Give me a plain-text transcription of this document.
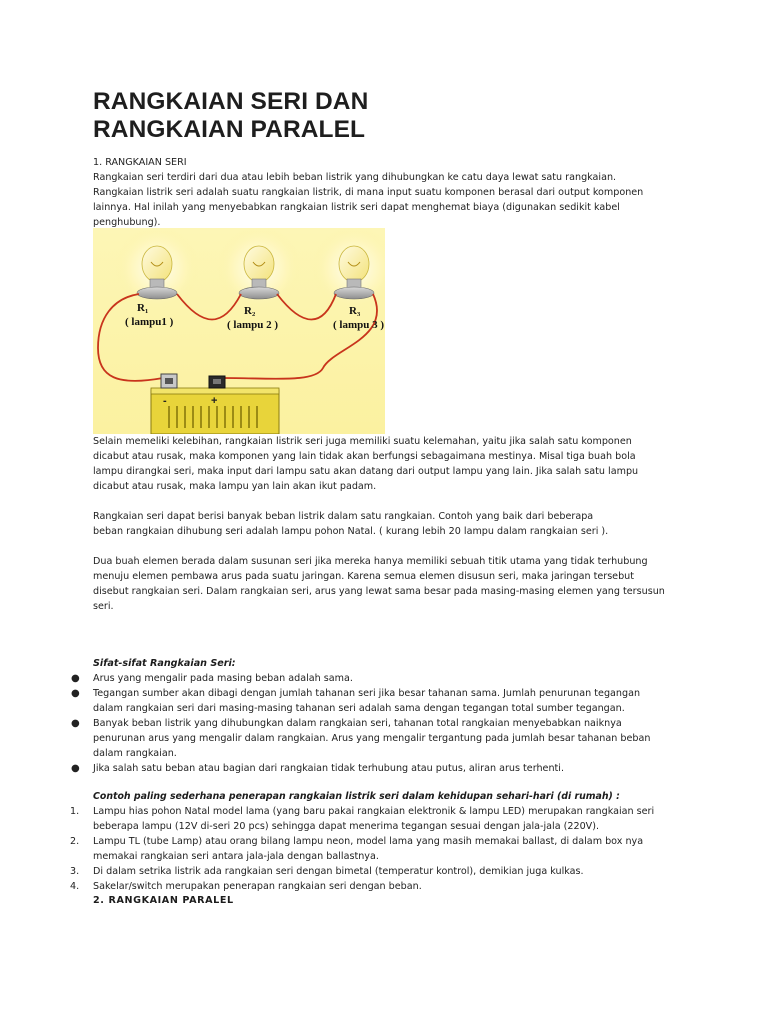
RANGKAIAN SERI DAN
RANGKAIAN PARALEL

1. RANGKAIAN SERI
Rangkaian seri terdiri dari dua atau lebih beban listrik yang dihubungkan ke catu daya lewat satu rangkaian.
Rangkaian listrik seri adalah suatu rangkaian listrik, di mana input suatu komponen berasal dari output komponen
lainnya. Hal inilah yang menyebabkan rangkaian listrik seri dapat menghemat biaya (digunakan sedikit kabel
penghubung).

R₁
( lampu1 )
R₂
( lampu 2 )
R₃
( lampu 3 )
-	+

Selain memeliki kelebihan, rangkaian listrik seri juga memiliki suatu kelemahan, yaitu jika salah satu komponen
dicabut atau rusak, maka komponen yang lain tidak akan berfungsi sebagaimana mestinya. Misal tiga buah bola
lampu dirangkai seri, maka input dari lampu satu akan datang dari output lampu yang lain. Jika salah satu lampu
dicabut atau rusak, maka lampu yan lain akan ikut padam.

Rangkaian seri dapat berisi banyak beban listrik dalam satu rangkaian. Contoh yang baik dari beberapa
beban rangkaian dihubung seri adalah lampu pohon Natal. ( kurang lebih 20 lampu dalam rangkaian seri ).

Dua buah elemen berada dalam susunan seri jika mereka hanya memiliki sebuah titik utama yang tidak terhubung
menuju elemen pembawa arus pada suatu jaringan. Karena semua elemen disusun seri, maka jaringan tersebut
disebut rangkaian seri. Dalam rangkaian seri, arus yang lewat sama besar pada masing-masing elemen yang tersusun
seri.

Sifat-sifat Rangkaian Seri:

● Arus yang mengalir pada masing beban adalah sama.
● Tegangan sumber akan dibagi dengan jumlah tahanan seri jika besar tahanan sama. Jumlah penurunan tegangan
dalam rangkaian seri dari masing-masing tahanan seri adalah sama dengan tegangan total sumber tegangan.
● Banyak beban listrik yang dihubungkan dalam rangkaian seri, tahanan total rangkaian menyebabkan naiknya
penurunan arus yang mengalir dalam rangkaian. Arus yang mengalir tergantung pada jumlah besar tahanan beban
dalam rangkaian.
● Jika salah satu beban atau bagian dari rangkaian tidak terhubung atau putus, aliran arus terhenti.

Contoh paling sederhana penerapan rangkaian listrik seri dalam kehidupan sehari-hari (di rumah) :

1. Lampu hias pohon Natal model lama (yang baru pakai rangkaian elektronik & lampu LED) merupakan rangkaian seri
beberapa lampu (12V di-seri 20 pcs) sehingga dapat menerima tegangan sesuai dengan jala-jala (220V).
2. Lampu TL (tube Lamp) atau orang bilang lampu neon, model lama yang masih memakai ballast, di dalam box nya
memakai rangkaian seri antara jala-jala dengan ballastnya.
3. Di dalam setrika listrik ada rangkaian seri dengan bimetal (temperatur kontrol), demikian juga kulkas.
4. Sakelar/switch merupakan penerapan rangkaian seri dengan beban.

2. RANGKAIAN PARALEL
